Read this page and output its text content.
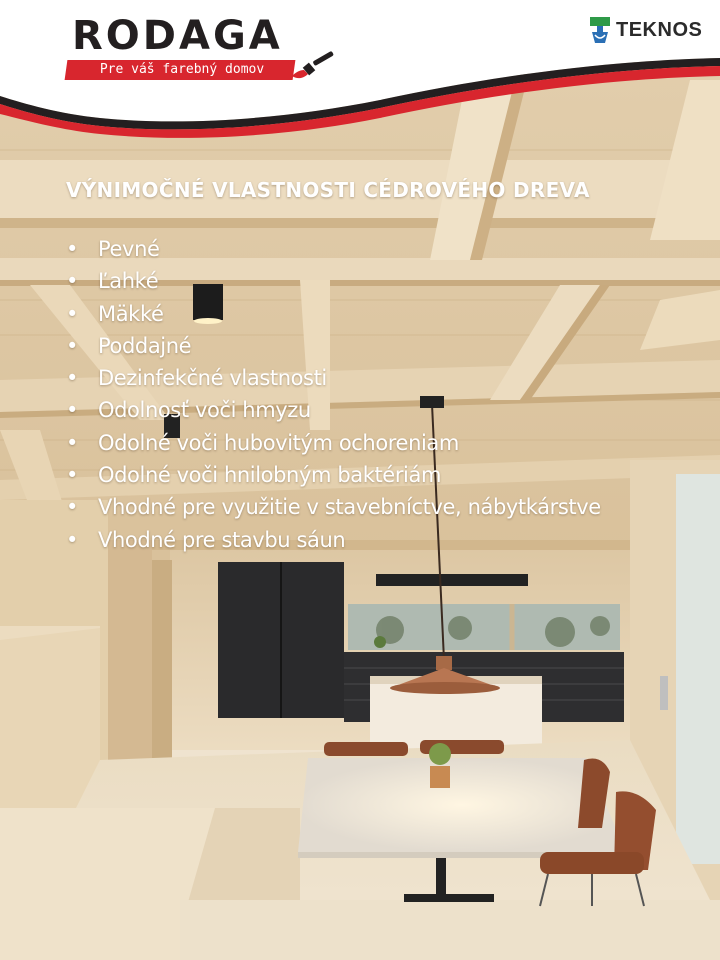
RODAGA
Pre váš farebný domov
TEKNOS
VÝNIMOČNÉ VLASTNOSTI CÉDROVÉHO DREVA
• Pevné
• Ľahké
• Mäkké
• Poddajné
• Dezinfekčné vlastnosti
• Odolnosť voči hmyzu
• Odolné voči hubovitým ochoreniam
• Odolné voči hnilobným baktériám
• Vhodné pre využitie v stavebníctve, nábytkárstve
• Vhodné pre stavbu sáun
